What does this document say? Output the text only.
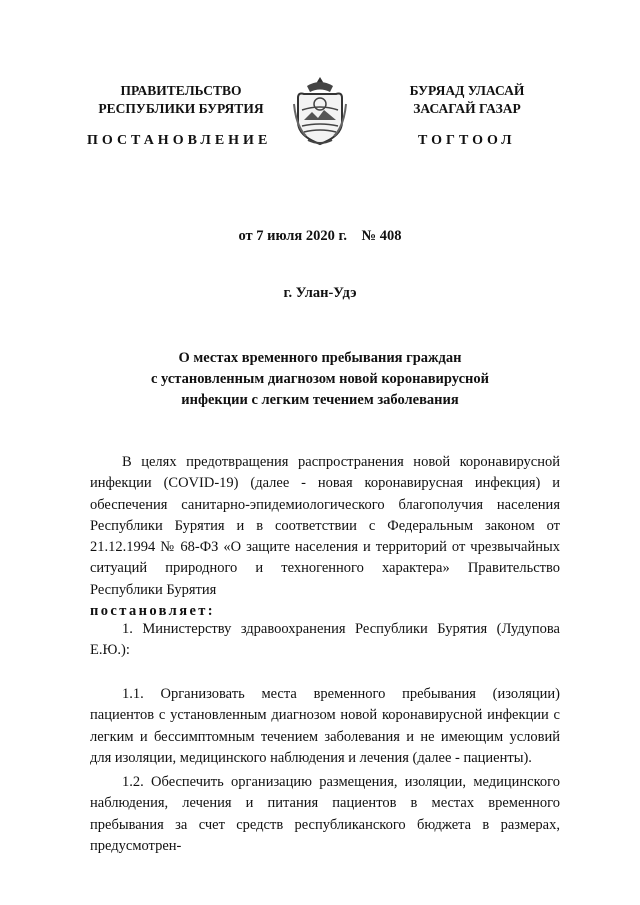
ПРАВИТЕЛЬСТВО
РЕСПУБЛИКИ БУРЯТИЯ
БУРЯАД УЛАСАЙ
ЗАСАГАЙ ГАЗАР
ПОСТАНОВЛЕНИЕ	ТОГТООЛ
от 7 июля 2020 г.    № 408
г. Улан-Удэ
О местах временного пребывания граждан
с установленным диагнозом новой коронавирусной
инфекции с легким течением заболевания

В целях предотвращения распространения новой коронавирусной инфекции (COVID-19) (далее - новая коронавирусная инфекция) и обеспечения санитарно-эпидемиологического благополучия населения Республики Бурятия и в соответствии с Федеральным законом от 21.12.1994 № 68-ФЗ «О защите населения и территорий от чрезвычайных ситуаций природного и техногенного характера» Правительство Республики Бурятия

постановляет:

1. Министерству здравоохранения Республики Бурятия (Лудупова Е.Ю.):

1.1. Организовать места временного пребывания (изоляции) пациентов с установленным диагнозом новой коронавирусной инфекции с легким и бессимптомным течением заболевания и не имеющим условий для изоляции, медицинского наблюдения и лечения (далее - пациенты).

1.2. Обеспечить организацию размещения, изоляции, медицинского наблюдения, лечения и питания пациентов в местах временного пребывания за счет средств республиканского бюджета в размерах, предусмотрен-
